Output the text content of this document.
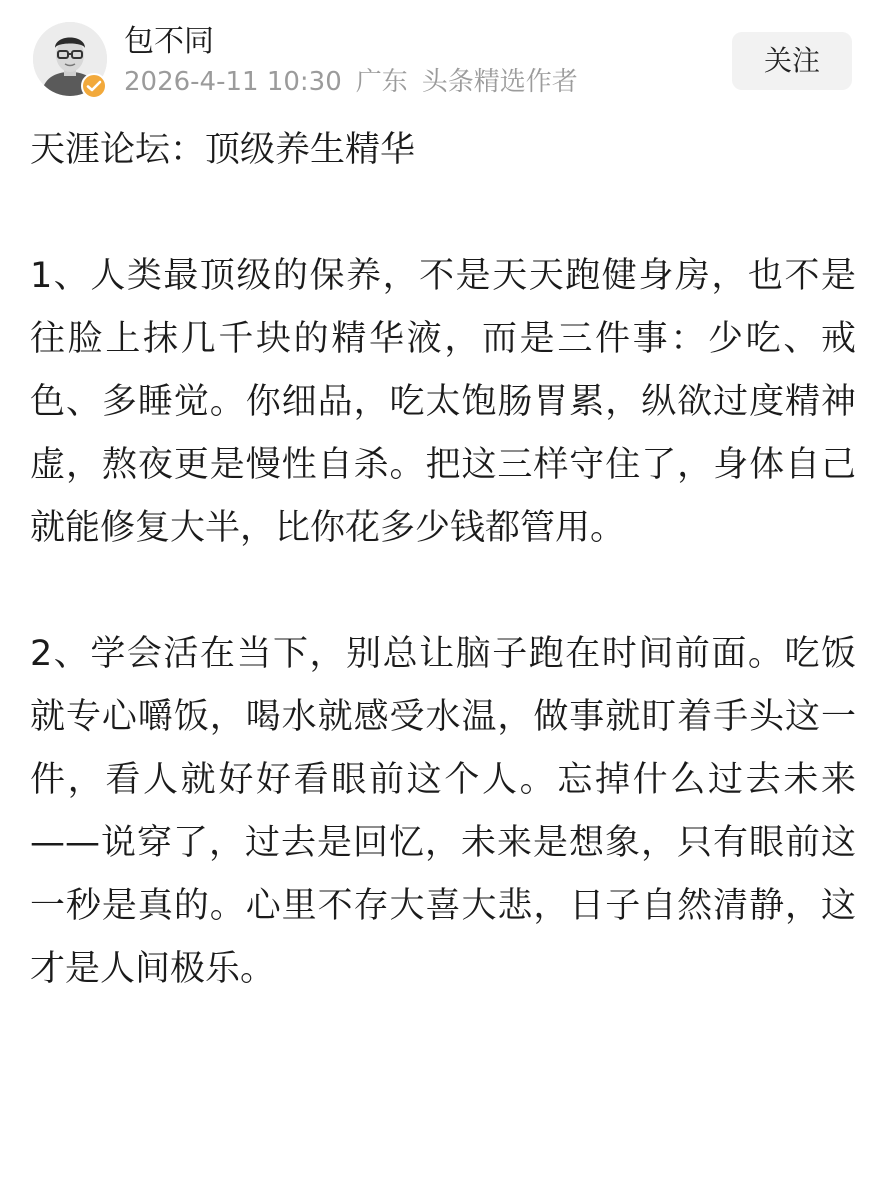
包不同
2026-4-11 10:30 广东 头条精选作者
关注
天涯论坛：顶级养生精华

1、人类最顶级的保养，不是天天跑健身房，也不是往脸上抹几千块的精华液，而是三件事：少吃、戒色、多睡觉。你细品，吃太饱肠胃累，纵欲过度精神虚，熬夜更是慢性自杀。把这三样守住了，身体自己就能修复大半，比你花多少钱都管用。

2、学会活在当下，别总让脑子跑在时间前面。吃饭就专心嚼饭，喝水就感受水温，做事就盯着手头这一件，看人就好好看眼前这个人。忘掉什么过去未来——说穿了，过去是回忆，未来是想象，只有眼前这一秒是真的。心里不存大喜大悲，日子自然清静，这才是人间极乐。
